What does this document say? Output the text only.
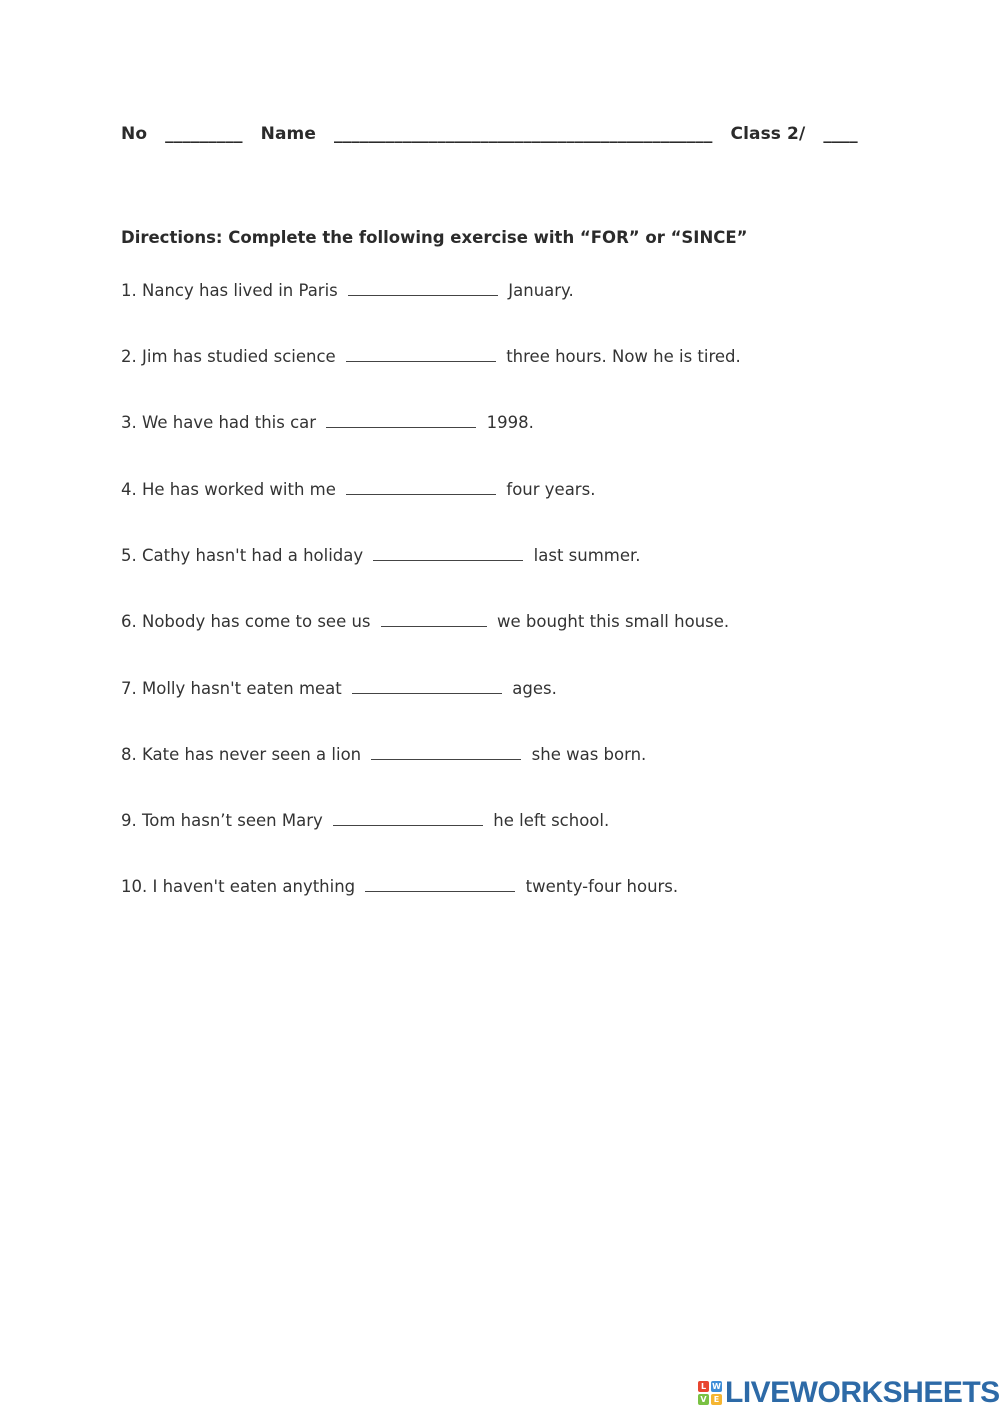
No _________ Name ____________________________________________ Class 2/ ____
Directions: Complete the following exercise with “FOR” or “SINCE”
1. Nancy has lived in Paris	January.
2. Jim has studied science	three hours. Now he is tired.
3. We have had this car	1998.
4. He has worked with me	four years.
5. Cathy hasn't had a holiday	last summer.
6. Nobody has come to see us	we bought this small house.
7. Molly hasn't eaten meat	ages.
8. Kate has never seen a lion	she was born.
9. Tom hasn’t seen Mary	he left school.
10. I haven't eaten anything	twenty-four hours.
L W
V E LIVEWORKSHEETS
